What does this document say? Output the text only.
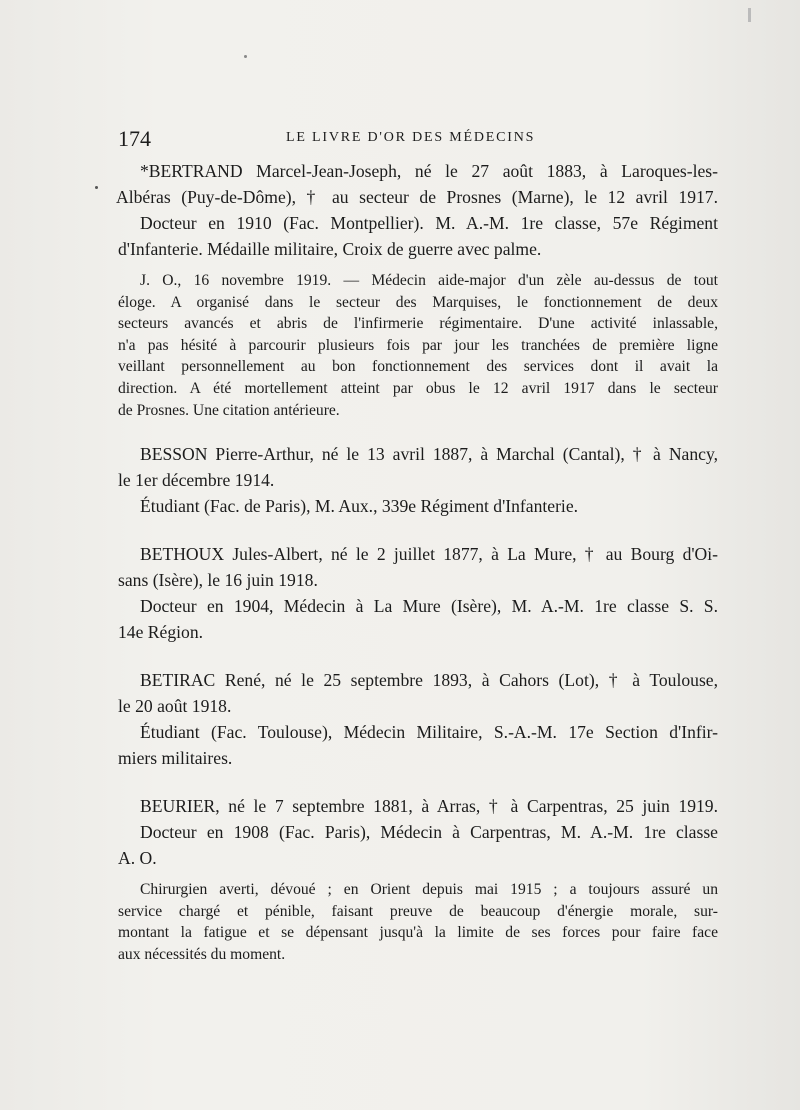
174	LE LIVRE D'OR DES MÉDECINS
*BERTRAND Marcel-Jean-Joseph, né le 27 août 1883, à Laroques-les-
Albéras (Puy-de-Dôme), † au secteur de Prosnes (Marne), le 12 avril 1917.
Docteur en 1910 (Fac. Montpellier). M. A.-M. 1re classe, 57e Régiment
d'Infanterie. Médaille militaire, Croix de guerre avec palme.
J. O., 16 novembre 1919. — Médecin aide-major d'un zèle au-dessus de tout
éloge. A organisé dans le secteur des Marquises, le fonctionnement de deux
secteurs avancés et abris de l'infirmerie régimentaire. D'une activité inlassable,
n'a pas hésité à parcourir plusieurs fois par jour les tranchées de première ligne
veillant personnellement au bon fonctionnement des services dont il avait la
direction. A été mortellement atteint par obus le 12 avril 1917 dans le secteur
de Prosnes. Une citation antérieure.
BESSON Pierre-Arthur, né le 13 avril 1887, à Marchal (Cantal), † à Nancy,
le 1er décembre 1914.
Étudiant (Fac. de Paris), M. Aux., 339e Régiment d'Infanterie.
BETHOUX Jules-Albert, né le 2 juillet 1877, à La Mure, † au Bourg d'Oi-
sans (Isère), le 16 juin 1918.
Docteur en 1904, Médecin à La Mure (Isère), M. A.-M. 1re classe S. S.
14e Région.
BETIRAC René, né le 25 septembre 1893, à Cahors (Lot), † à Toulouse,
le 20 août 1918.
Étudiant (Fac. Toulouse), Médecin Militaire, S.-A.-M. 17e Section d'Infir-
miers militaires.
BEURIER, né le 7 septembre 1881, à Arras, † à Carpentras, 25 juin 1919.
Docteur en 1908 (Fac. Paris), Médecin à Carpentras, M. A.-M. 1re classe
A. O.
Chirurgien averti, dévoué ; en Orient depuis mai 1915 ; a toujours assuré un
service chargé et pénible, faisant preuve de beaucoup d'énergie morale, sur-
montant la fatigue et se dépensant jusqu'à la limite de ses forces pour faire face
aux nécessités du moment.
